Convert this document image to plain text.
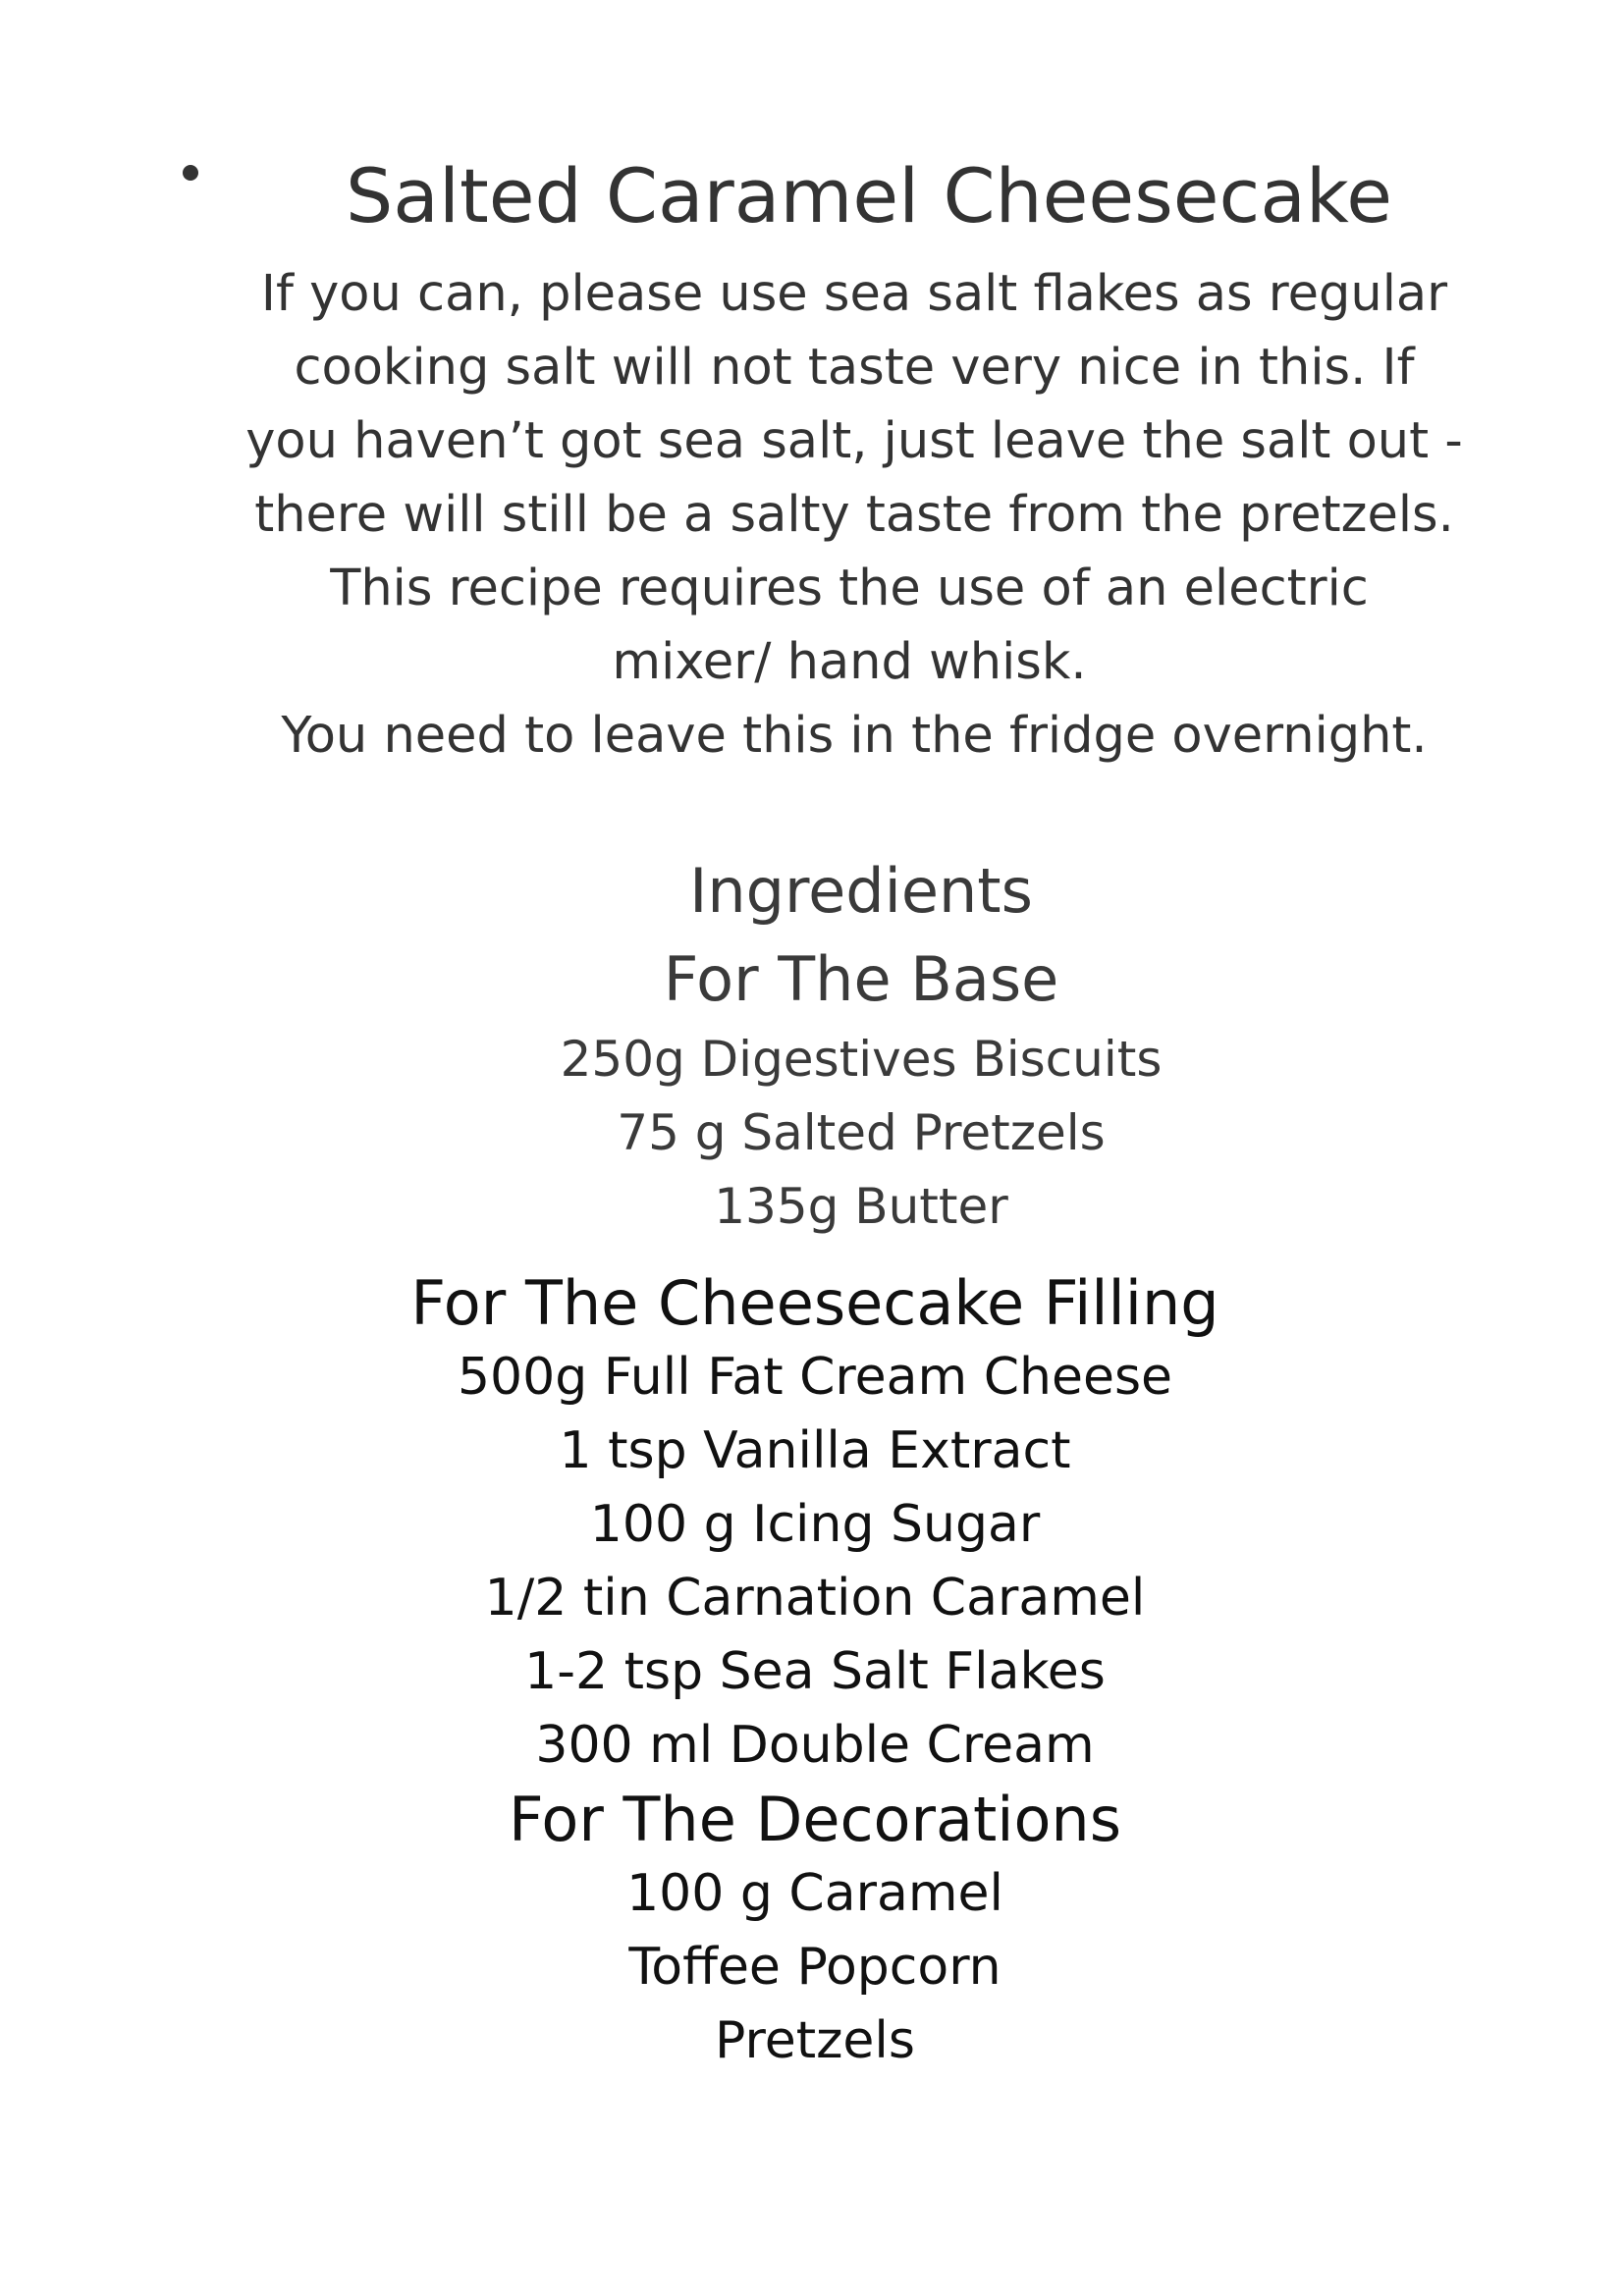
Salted Caramel Cheesecake

If you can, please use sea salt flakes as regular cooking salt will not taste very nice in this. If you haven’t got sea salt, just leave the salt out - there will still be a salty taste from the pretzels.

This recipe requires the use of an electric mixer/ hand whisk.

You need to leave this in the fridge overnight.

Ingredients
For The Base
250g Digestives Biscuits
75 g Salted Pretzels
135g Butter
For The Cheesecake Filling
500g Full Fat Cream Cheese
1 tsp Vanilla Extract
100 g Icing Sugar
1/2 tin Carnation Caramel
1-2 tsp Sea Salt Flakes
300 ml Double Cream
For The Decorations
100 g Caramel
Toffee Popcorn
Pretzels
